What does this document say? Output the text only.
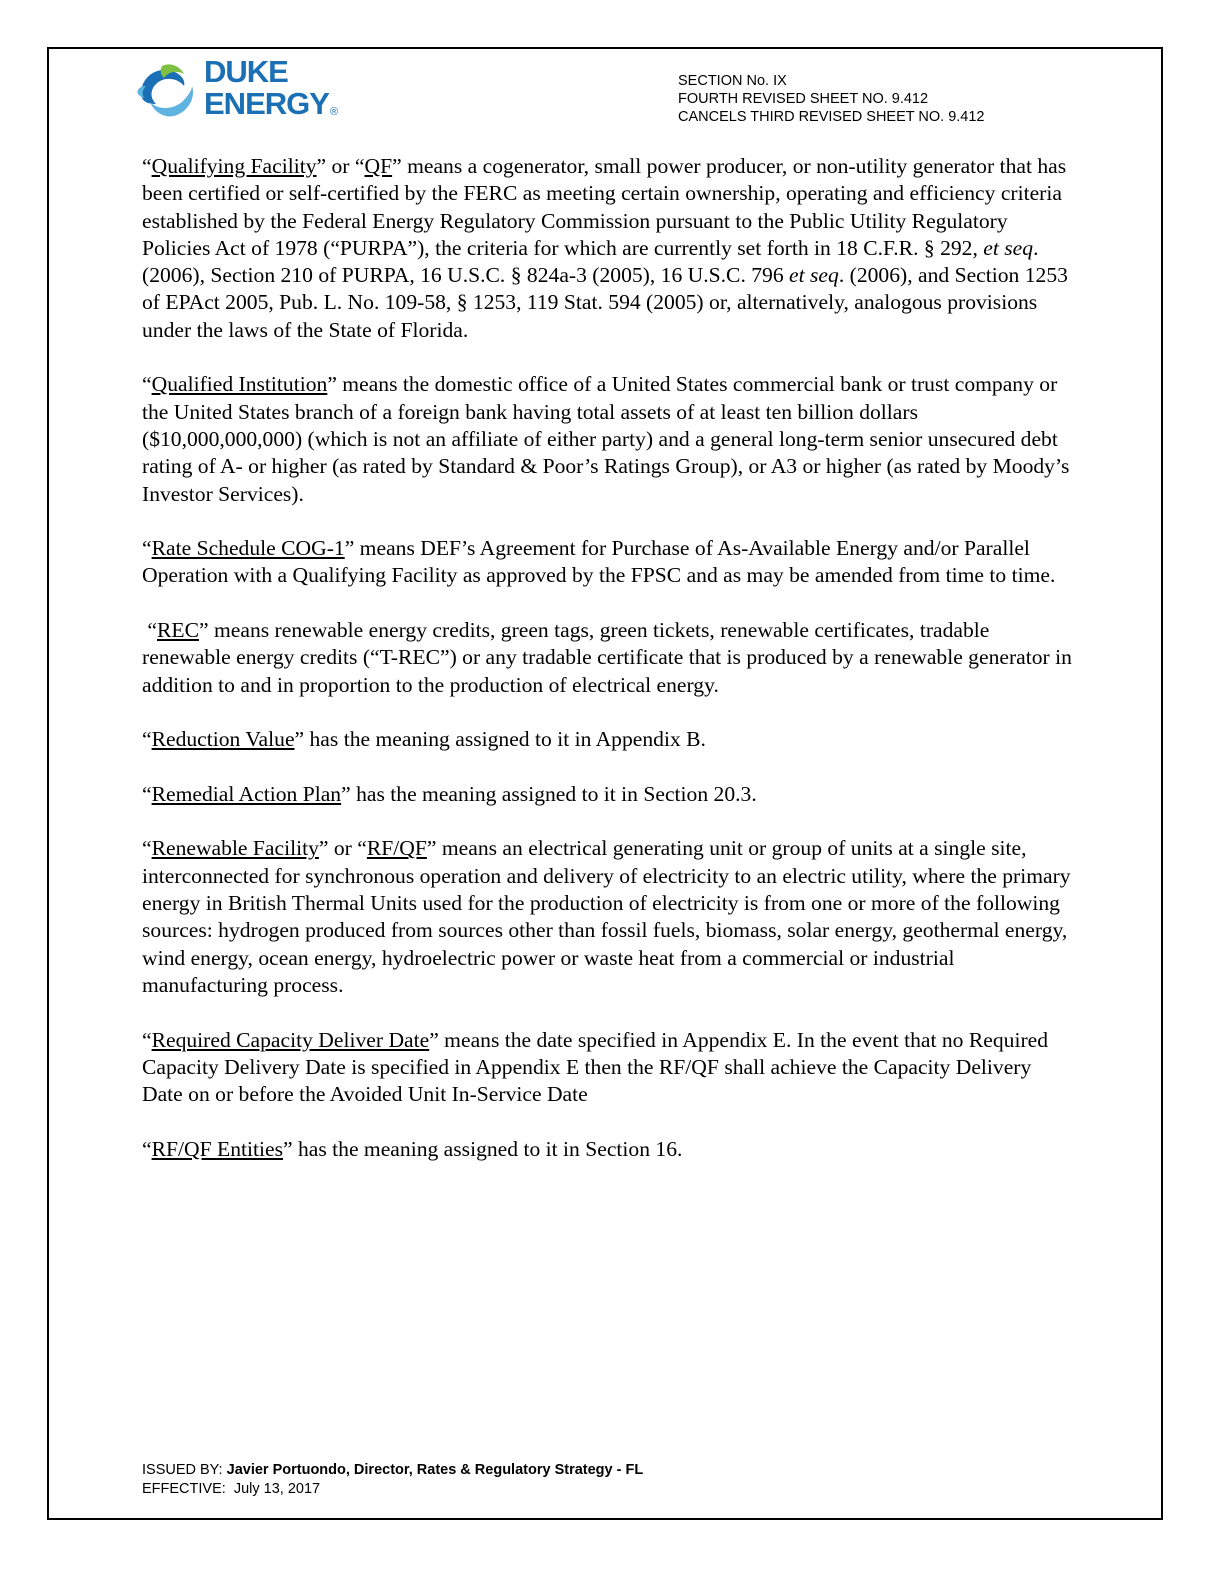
DUKE
ENERGY ®
SECTION No. IX
FOURTH REVISED SHEET NO. 9.412
CANCELS THIRD REVISED SHEET NO. 9.412

“Qualifying Facility” or “QF” means a cogenerator, small power producer, or non-utility generator that has been certified or self-certified by the FERC as meeting certain ownership, operating and efficiency criteria established by the Federal Energy Regulatory Commission pursuant to the Public Utility Regulatory Policies Act of 1978 (“PURPA”), the criteria for which are currently set forth in 18 C.F.R. § 292, et seq. (2006), Section 210 of PURPA, 16 U.S.C. § 824a-3 (2005), 16 U.S.C. 796 et seq. (2006), and Section 1253 of EPAct 2005, Pub. L. No. 109-58, § 1253, 119 Stat. 594 (2005) or, alternatively, analogous provisions under the laws of the State of Florida.

“Qualified Institution” means the domestic office of a United States commercial bank or trust company or the United States branch of a foreign bank having total assets of at least ten billion dollars ($10,000,000,000) (which is not an affiliate of either party) and a general long-term senior unsecured debt rating of A- or higher (as rated by Standard & Poor’s Ratings Group), or A3 or higher (as rated by Moody’s Investor Services).

“Rate Schedule COG-1” means DEF’s Agreement for Purchase of As-Available Energy and/or Parallel Operation with a Qualifying Facility as approved by the FPSC and as may be amended from time to time.

“REC” means renewable energy credits, green tags, green tickets, renewable certificates, tradable renewable energy credits (“T-REC”) or any tradable certificate that is produced by a renewable generator in addition to and in proportion to the production of electrical energy.

“Reduction Value” has the meaning assigned to it in Appendix B.

“Remedial Action Plan” has the meaning assigned to it in Section 20.3.

“Renewable Facility” or “RF/QF” means an electrical generating unit or group of units at a single site, interconnected for synchronous operation and delivery of electricity to an electric utility, where the primary energy in British Thermal Units used for the production of electricity is from one or more of the following sources: hydrogen produced from sources other than fossil fuels, biomass, solar energy, geothermal energy, wind energy, ocean energy, hydroelectric power or waste heat from a commercial or industrial manufacturing process.

“Required Capacity Deliver Date” means the date specified in Appendix E. In the event that no Required Capacity Delivery Date is specified in Appendix E then the RF/QF shall achieve the Capacity Delivery Date on or before the Avoided Unit In-Service Date

“RF/QF Entities” has the meaning assigned to it in Section 16.

ISSUED BY: Javier Portuondo, Director, Rates & Regulatory Strategy - FL
EFFECTIVE:  July 13, 2017
